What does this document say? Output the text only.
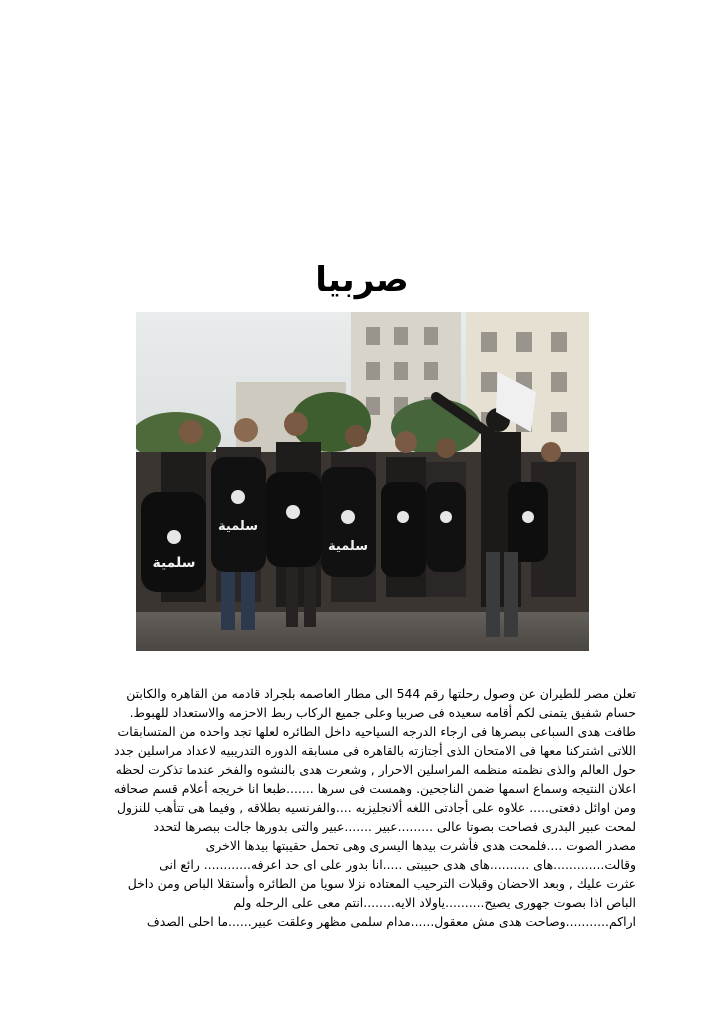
صربيا
سلمية
سلمية
سلمية
تعلن مصر للطيران عن وصول رحلتها رقم 544 الى مطار العاصمه بلجراد قادمه من القاهره والكابتن
حسام شفيق يتمنى لكم أقامه سعيده فى صربيا وعلى جميع الركاب ربط الاحزمه والاستعداد للهبوط.
طافت هدى السباعى ببصرها فى ارجاء الدرجه السياحيه داخل الطائره لعلها تجد واحده من المتسابقات
اللاتى اشتركنا معها فى الامتحان الذى أجتازته بالقاهره فى مسابقه الدوره التدريبيه لاعداد مراسلين جدد
حول العالم والذى نظمته منظمه المراسلين الاحرار , وشعرت هدى بالنشوه والفخر عندما تذكرت لحظه
اعلان النتيجه وسماع اسمها ضمن الناجحين. وهمست فى سرها .......طبعا انا خريجه أعلام قسم صحافه
ومن اوائل دفعتى..... علاوه على أجادتى اللغه ألانجليزيه ....والفرنسيه بطلاقه , وفيما هى تتأهب للنزول
لمحت عبير البدرى فصاحت بصوتا عالى .........عبير .......عبير والتى بدورها جالت ببصرها لتحدد
مصدر الصوت ....فلمحت هدى فأشرت بيدها اليسرى وهى تحمل حقيبتها بيدها الاخرى
وقالت.............هاى ..........هاى هدى حبيبتى .....انا بدور على اى حد اعرفه............ رائع انى
عثرت عليك , وبعد الاحضان وقبلات الترحيب المعتاده نزلا سويا من الطائره وأستقلا الباص ومن داخل
الباص اذا بصوت جهورى يصيح..........ياولاد الايه........انتم معى على الرحله ولم
اراكم...........وصاحت هدى مش معقول......مدام سلمى مظهر وعلقت عبير......ما احلى الصدف
